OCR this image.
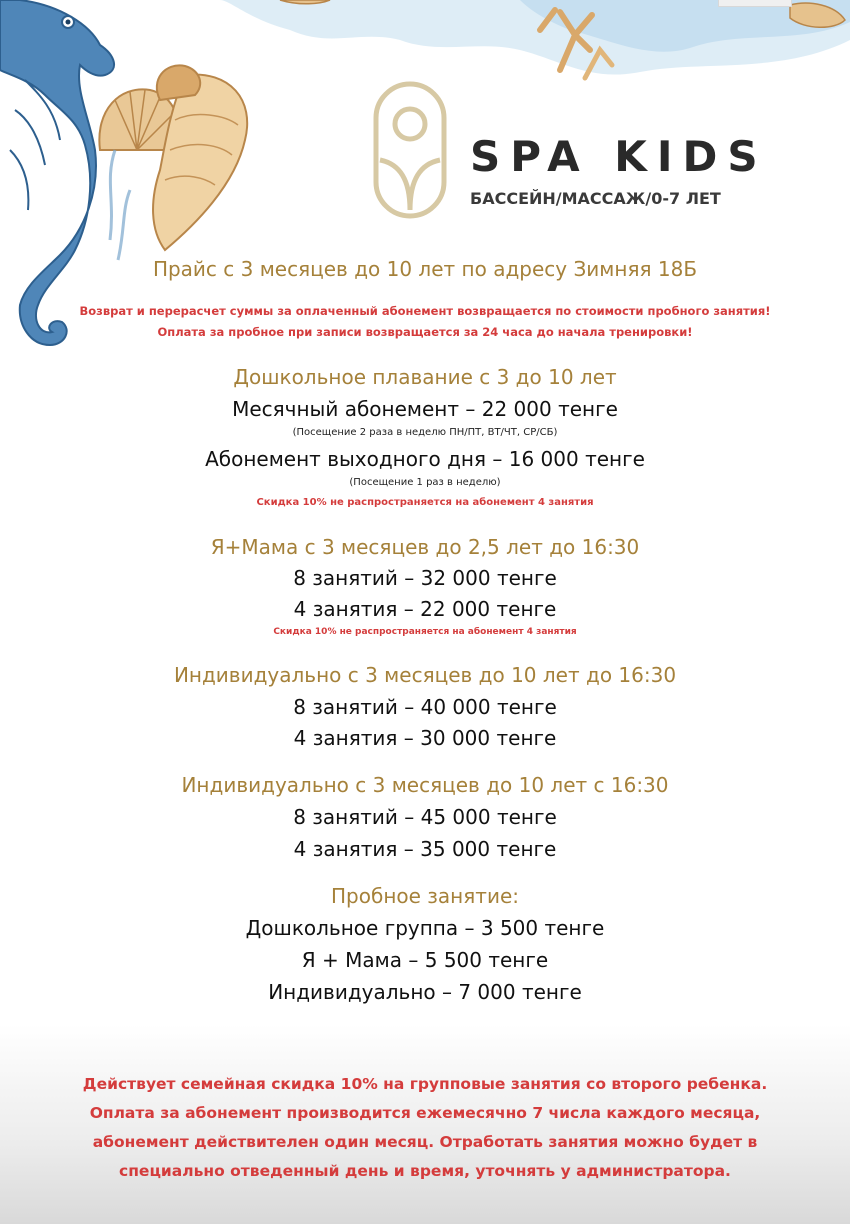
SPA KIDS
БАССЕЙН/МАССАЖ/0-7 ЛЕТ
Прайс с 3 месяцев до 10 лет по адресу Зимняя 18Б
Возврат и перерасчет суммы за оплаченный абонемент возвращается по стоимости пробного занятия!
Оплата за пробное при записи возвращается за 24 часа до начала тренировки!
Дошкольное плавание с 3 до 10 лет
Месячный абонемент – 22 000 тенге
(Посещение 2 раза в неделю ПН/ПТ, ВТ/ЧТ, СР/СБ)
Абонемент выходного дня – 16 000 тенге
(Посещение 1 раз в неделю)
Скидка 10% не распространяется на абонемент 4 занятия
Я+Мама с 3 месяцев до 2,5 лет до 16:30
8 занятий – 32 000 тенге
4 занятия – 22 000 тенге
Скидка 10% не распространяется на абонемент 4 занятия
Индивидуально с 3 месяцев до 10 лет до 16:30
8 занятий – 40 000 тенге
4 занятия – 30 000 тенге
Индивидуально с 3 месяцев до 10 лет с 16:30
8 занятий – 45 000 тенге
4 занятия – 35 000 тенге
Пробное занятие:
Дошкольное группа – 3 500 тенге
Я + Мама – 5 500 тенге
Индивидуально – 7 000 тенге
Действует семейная скидка 10% на групповые занятия со второго ребенка.
Оплата за абонемент производится ежемесячно 7 числа каждого месяца,
абонемент действителен один месяц. Отработать занятия можно будет в
специально отведенный день и время, уточнять у администратора.
